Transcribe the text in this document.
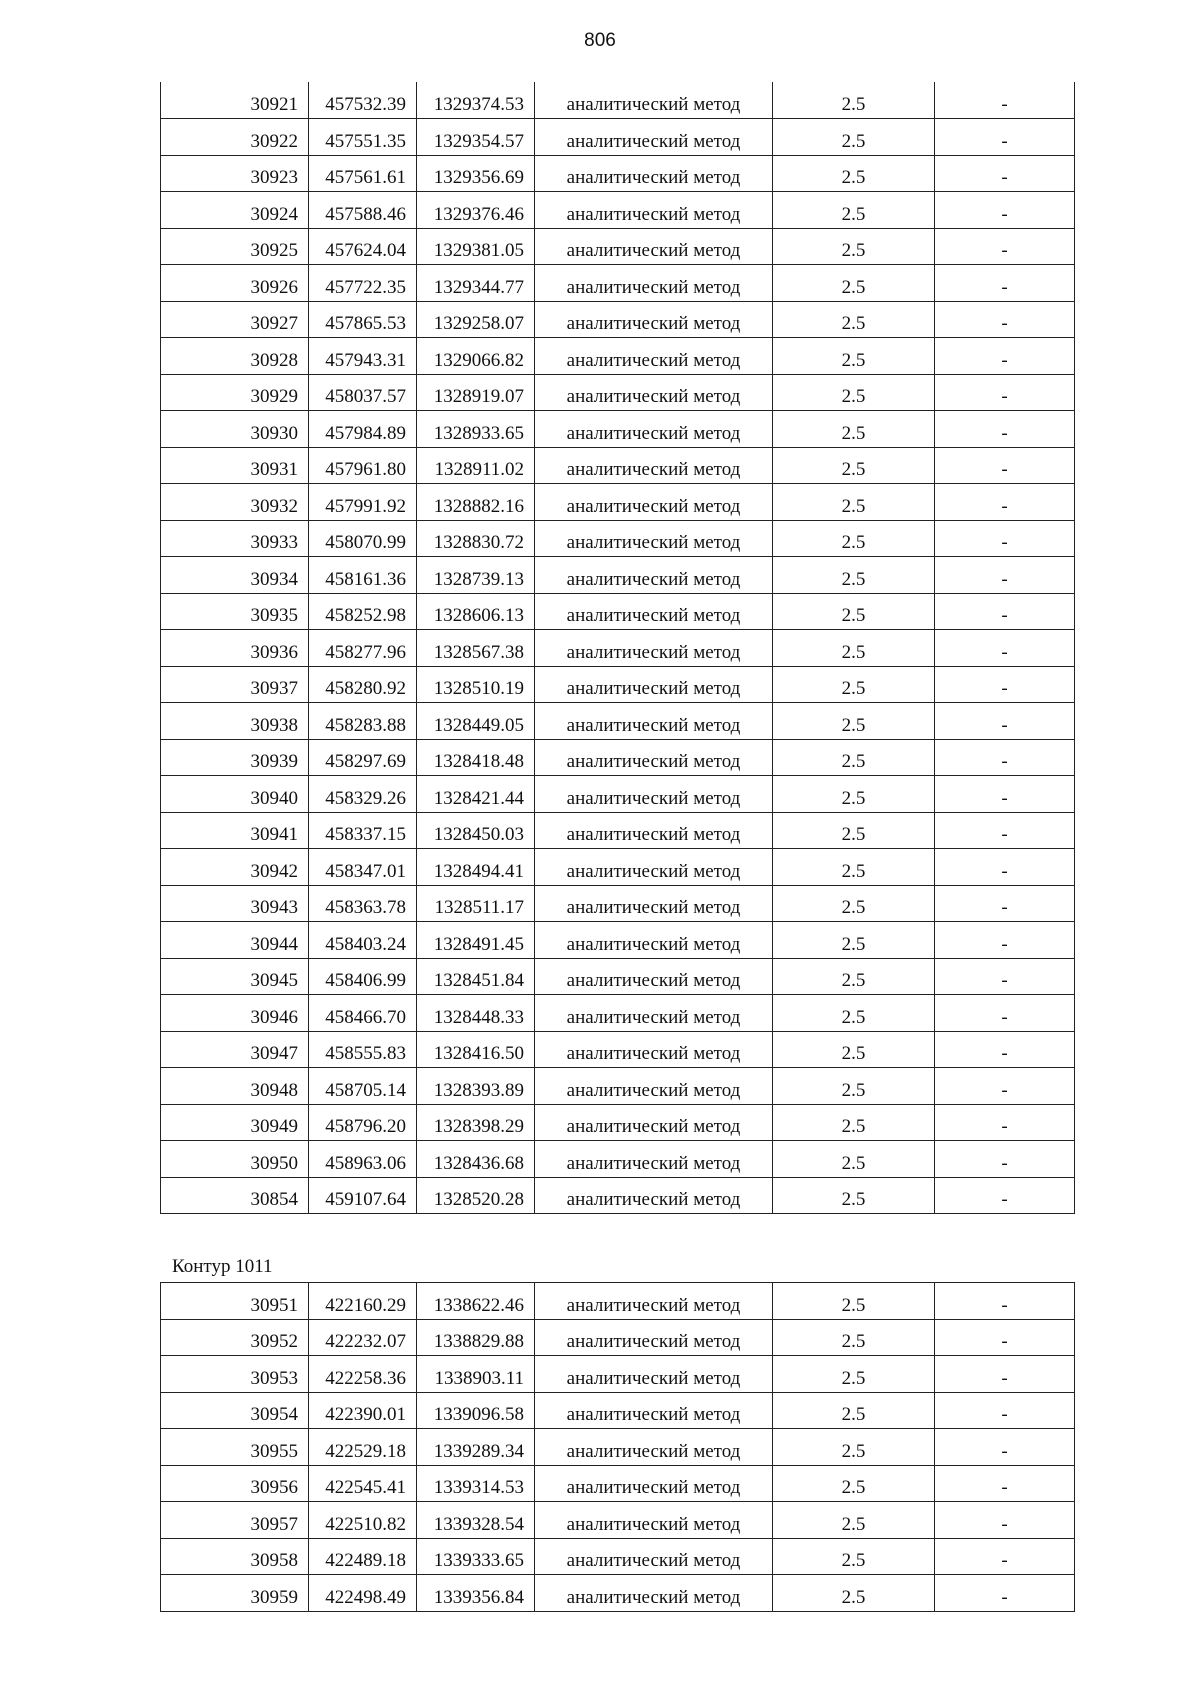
806
30921	457532.39	1329374.53	аналитический метод	2.5	-
30922	457551.35	1329354.57	аналитический метод	2.5	-
30923	457561.61	1329356.69	аналитический метод	2.5	-
30924	457588.46	1329376.46	аналитический метод	2.5	-
30925	457624.04	1329381.05	аналитический метод	2.5	-
30926	457722.35	1329344.77	аналитический метод	2.5	-
30927	457865.53	1329258.07	аналитический метод	2.5	-
30928	457943.31	1329066.82	аналитический метод	2.5	-
30929	458037.57	1328919.07	аналитический метод	2.5	-
30930	457984.89	1328933.65	аналитический метод	2.5	-
30931	457961.80	1328911.02	аналитический метод	2.5	-
30932	457991.92	1328882.16	аналитический метод	2.5	-
30933	458070.99	1328830.72	аналитический метод	2.5	-
30934	458161.36	1328739.13	аналитический метод	2.5	-
30935	458252.98	1328606.13	аналитический метод	2.5	-
30936	458277.96	1328567.38	аналитический метод	2.5	-
30937	458280.92	1328510.19	аналитический метод	2.5	-
30938	458283.88	1328449.05	аналитический метод	2.5	-
30939	458297.69	1328418.48	аналитический метод	2.5	-
30940	458329.26	1328421.44	аналитический метод	2.5	-
30941	458337.15	1328450.03	аналитический метод	2.5	-
30942	458347.01	1328494.41	аналитический метод	2.5	-
30943	458363.78	1328511.17	аналитический метод	2.5	-
30944	458403.24	1328491.45	аналитический метод	2.5	-
30945	458406.99	1328451.84	аналитический метод	2.5	-
30946	458466.70	1328448.33	аналитический метод	2.5	-
30947	458555.83	1328416.50	аналитический метод	2.5	-
30948	458705.14	1328393.89	аналитический метод	2.5	-
30949	458796.20	1328398.29	аналитический метод	2.5	-
30950	458963.06	1328436.68	аналитический метод	2.5	-
30854	459107.64	1328520.28	аналитический метод	2.5	-
Контур 1011
30951	422160.29	1338622.46	аналитический метод	2.5	-
30952	422232.07	1338829.88	аналитический метод	2.5	-
30953	422258.36	1338903.11	аналитический метод	2.5	-
30954	422390.01	1339096.58	аналитический метод	2.5	-
30955	422529.18	1339289.34	аналитический метод	2.5	-
30956	422545.41	1339314.53	аналитический метод	2.5	-
30957	422510.82	1339328.54	аналитический метод	2.5	-
30958	422489.18	1339333.65	аналитический метод	2.5	-
30959	422498.49	1339356.84	аналитический метод	2.5	-
